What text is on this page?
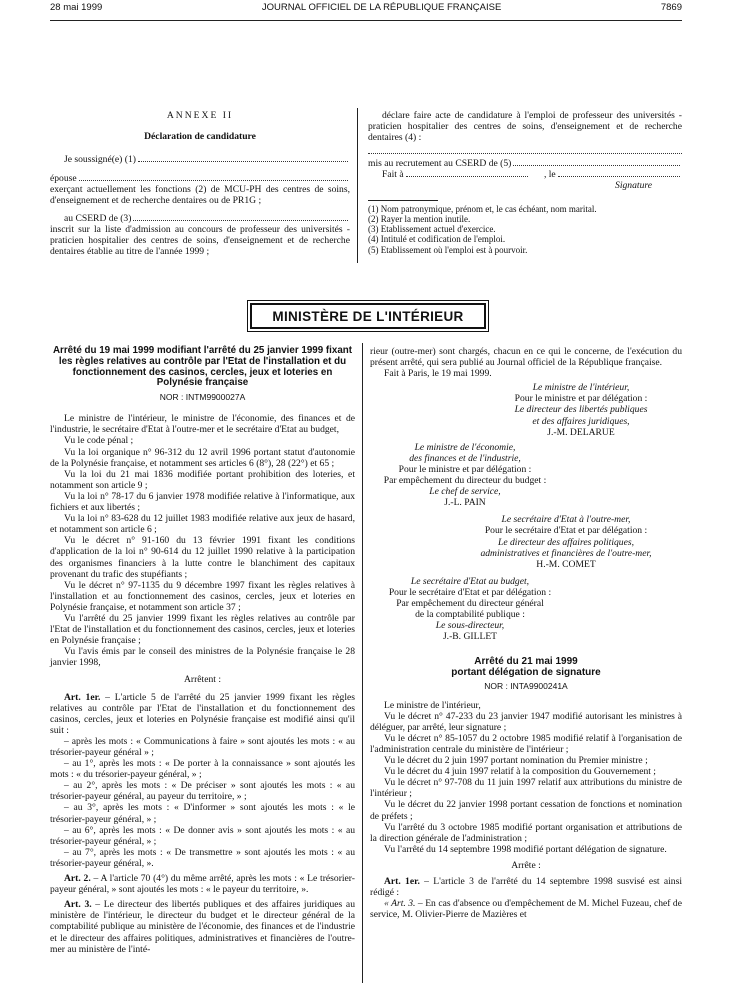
28 mai 1999	JOURNAL OFFICIEL DE LA RÉPUBLIQUE FRANÇAISE	7869

ANNEXE II

Déclaration de candidature

Je soussigné(e) (1)
épouse

exerçant actuellement les fonctions (2) de MCU-PH des centres de soins, d'enseignement et de recherche dentaires ou de PR1G ;

au CSERD de (3)

inscrit sur la liste d'admission au concours de professeur des universités - praticien hospitalier des centres de soins, d'enseignement et de recherche dentaires établie au titre de l'année 1999 ;

déclare faire acte de candidature à l'emploi de professeur des universités - praticien hospitalier des centres de soins, d'enseignement et de recherche dentaires (4) :

mis au recrutement au CSERD de (5)
Fait à	, le

Signature

(1) Nom patronymique, prénom et, le cas échéant, nom marital.

(2) Rayer la mention inutile.

(3) Etablissement actuel d'exercice.

(4) Intitulé et codification de l'emploi.

(5) Etablissement où l'emploi est à pourvoir.

MINISTÈRE DE L'INTÉRIEUR

Arrêté du 19 mai 1999 modifiant l'arrêté du 25 janvier 1999 fixant les règles relatives au contrôle par l'Etat de l'installation et du fonctionnement des casinos, cercles, jeux et loteries en Polynésie française

NOR : INTM9900027A

Le ministre de l'intérieur, le ministre de l'économie, des finances et de l'industrie, le secrétaire d'Etat à l'outre-mer et le secrétaire d'Etat au budget,

Vu le code pénal ;

Vu la loi organique n° 96-312 du 12 avril 1996 portant statut d'autonomie de la Polynésie française, et notamment ses articles 6 (8°), 28 (22°) et 65 ;

Vu la loi du 21 mai 1836 modifiée portant prohibition des loteries, et notamment son article 9 ;

Vu la loi n° 78-17 du 6 janvier 1978 modifiée relative à l'informatique, aux fichiers et aux libertés ;

Vu la loi n° 83-628 du 12 juillet 1983 modifiée relative aux jeux de hasard, et notamment son article 6 ;

Vu le décret n° 91-160 du 13 février 1991 fixant les conditions d'application de la loi n° 90-614 du 12 juillet 1990 relative à la participation des organismes financiers à la lutte contre le blanchiment des capitaux provenant du trafic des stupéfiants ;

Vu le décret n° 97-1135 du 9 décembre 1997 fixant les règles relatives à l'installation et au fonctionnement des casinos, cercles, jeux et loteries en Polynésie française, et notamment son article 37 ;

Vu l'arrêté du 25 janvier 1999 fixant les règles relatives au contrôle par l'Etat de l'installation et du fonctionnement des casinos, cercles, jeux et loteries en Polynésie française ;

Vu l'avis émis par le conseil des ministres de la Polynésie française le 28 janvier 1998,

Arrêtent :

Art. 1er. – L'article 5 de l'arrêté du 25 janvier 1999 fixant les règles relatives au contrôle par l'Etat de l'installation et du fonctionnement des casinos, cercles, jeux et loteries en Polynésie française est modifié ainsi qu'il suit :

– après les mots : « Communications à faire » sont ajoutés les mots : « au trésorier-payeur général » ;

– au 1°, après les mots : « De porter à la connaissance » sont ajoutés les mots : « du trésorier-payeur général, » ;

– au 2°, après les mots : « De préciser » sont ajoutés les mots : « au trésorier-payeur général, au payeur du territoire, » ;

– au 3°, après les mots : « D'informer » sont ajoutés les mots : « le trésorier-payeur général, » ;

– au 6°, après les mots : « De donner avis » sont ajoutés les mots : « au trésorier-payeur général, » ;

– au 7°, après les mots : « De transmettre » sont ajoutés les mots : « au trésorier-payeur général, ».

Art. 2. – A l'article 70 (4°) du même arrêté, après les mots : « Le trésorier-payeur général, » sont ajoutés les mots : « le payeur du territoire, ».

Art. 3. – Le directeur des libertés publiques et des affaires juridiques au ministère de l'intérieur, le directeur du budget et le directeur général de la comptabilité publique au ministère de l'économie, des finances et de l'industrie et le directeur des affaires politiques, administratives et financières de l'outre-mer au ministère de l'inté-

rieur (outre-mer) sont chargés, chacun en ce qui le concerne, de l'exécution du présent arrêté, qui sera publié au Journal officiel de la République française.

Fait à Paris, le 19 mai 1999.

Le ministre de l'intérieur,

Pour le ministre et par délégation :

Le directeur des libertés publiques

et des affaires juridiques,

J.-M. DELARUE

Le ministre de l'économie,

des finances et de l'industrie,

Pour le ministre et par délégation :

Par empêchement du directeur du budget :

Le chef de service,

J.-L. PAIN

Le secrétaire d'Etat à l'outre-mer,

Pour le secrétaire d'Etat et par délégation :

Le directeur des affaires politiques,

administratives et financières de l'outre-mer,

H.-M. COMET

Le secrétaire d'Etat au budget,

Pour le secrétaire d'Etat et par délégation :

Par empêchement du directeur général

de la comptabilité publique :

Le sous-directeur,

J.-B. GILLET

Arrêté du 21 mai 1999

portant délégation de signature

NOR : INTA9900241A

Le ministre de l'intérieur,

Vu le décret n° 47-233 du 23 janvier 1947 modifié autorisant les ministres à déléguer, par arrêté, leur signature ;

Vu le décret n° 85-1057 du 2 octobre 1985 modifié relatif à l'organisation de l'administration centrale du ministère de l'intérieur ;

Vu le décret du 2 juin 1997 portant nomination du Premier ministre ;

Vu le décret du 4 juin 1997 relatif à la composition du Gouvernement ;

Vu le décret n° 97-708 du 11 juin 1997 relatif aux attributions du ministre de l'intérieur ;

Vu le décret du 22 janvier 1998 portant cessation de fonctions et nomination de préfets ;

Vu l'arrêté du 3 octobre 1985 modifié portant organisation et attributions de la direction générale de l'administration ;

Vu l'arrêté du 14 septembre 1998 modifié portant délégation de signature.

Arrête :

Art. 1er. – L'article 3 de l'arrêté du 14 septembre 1998 susvisé est ainsi rédigé :

« Art. 3. – En cas d'absence ou d'empêchement de M. Michel Fuzeau, chef de service, M. Olivier-Pierre de Mazières et
